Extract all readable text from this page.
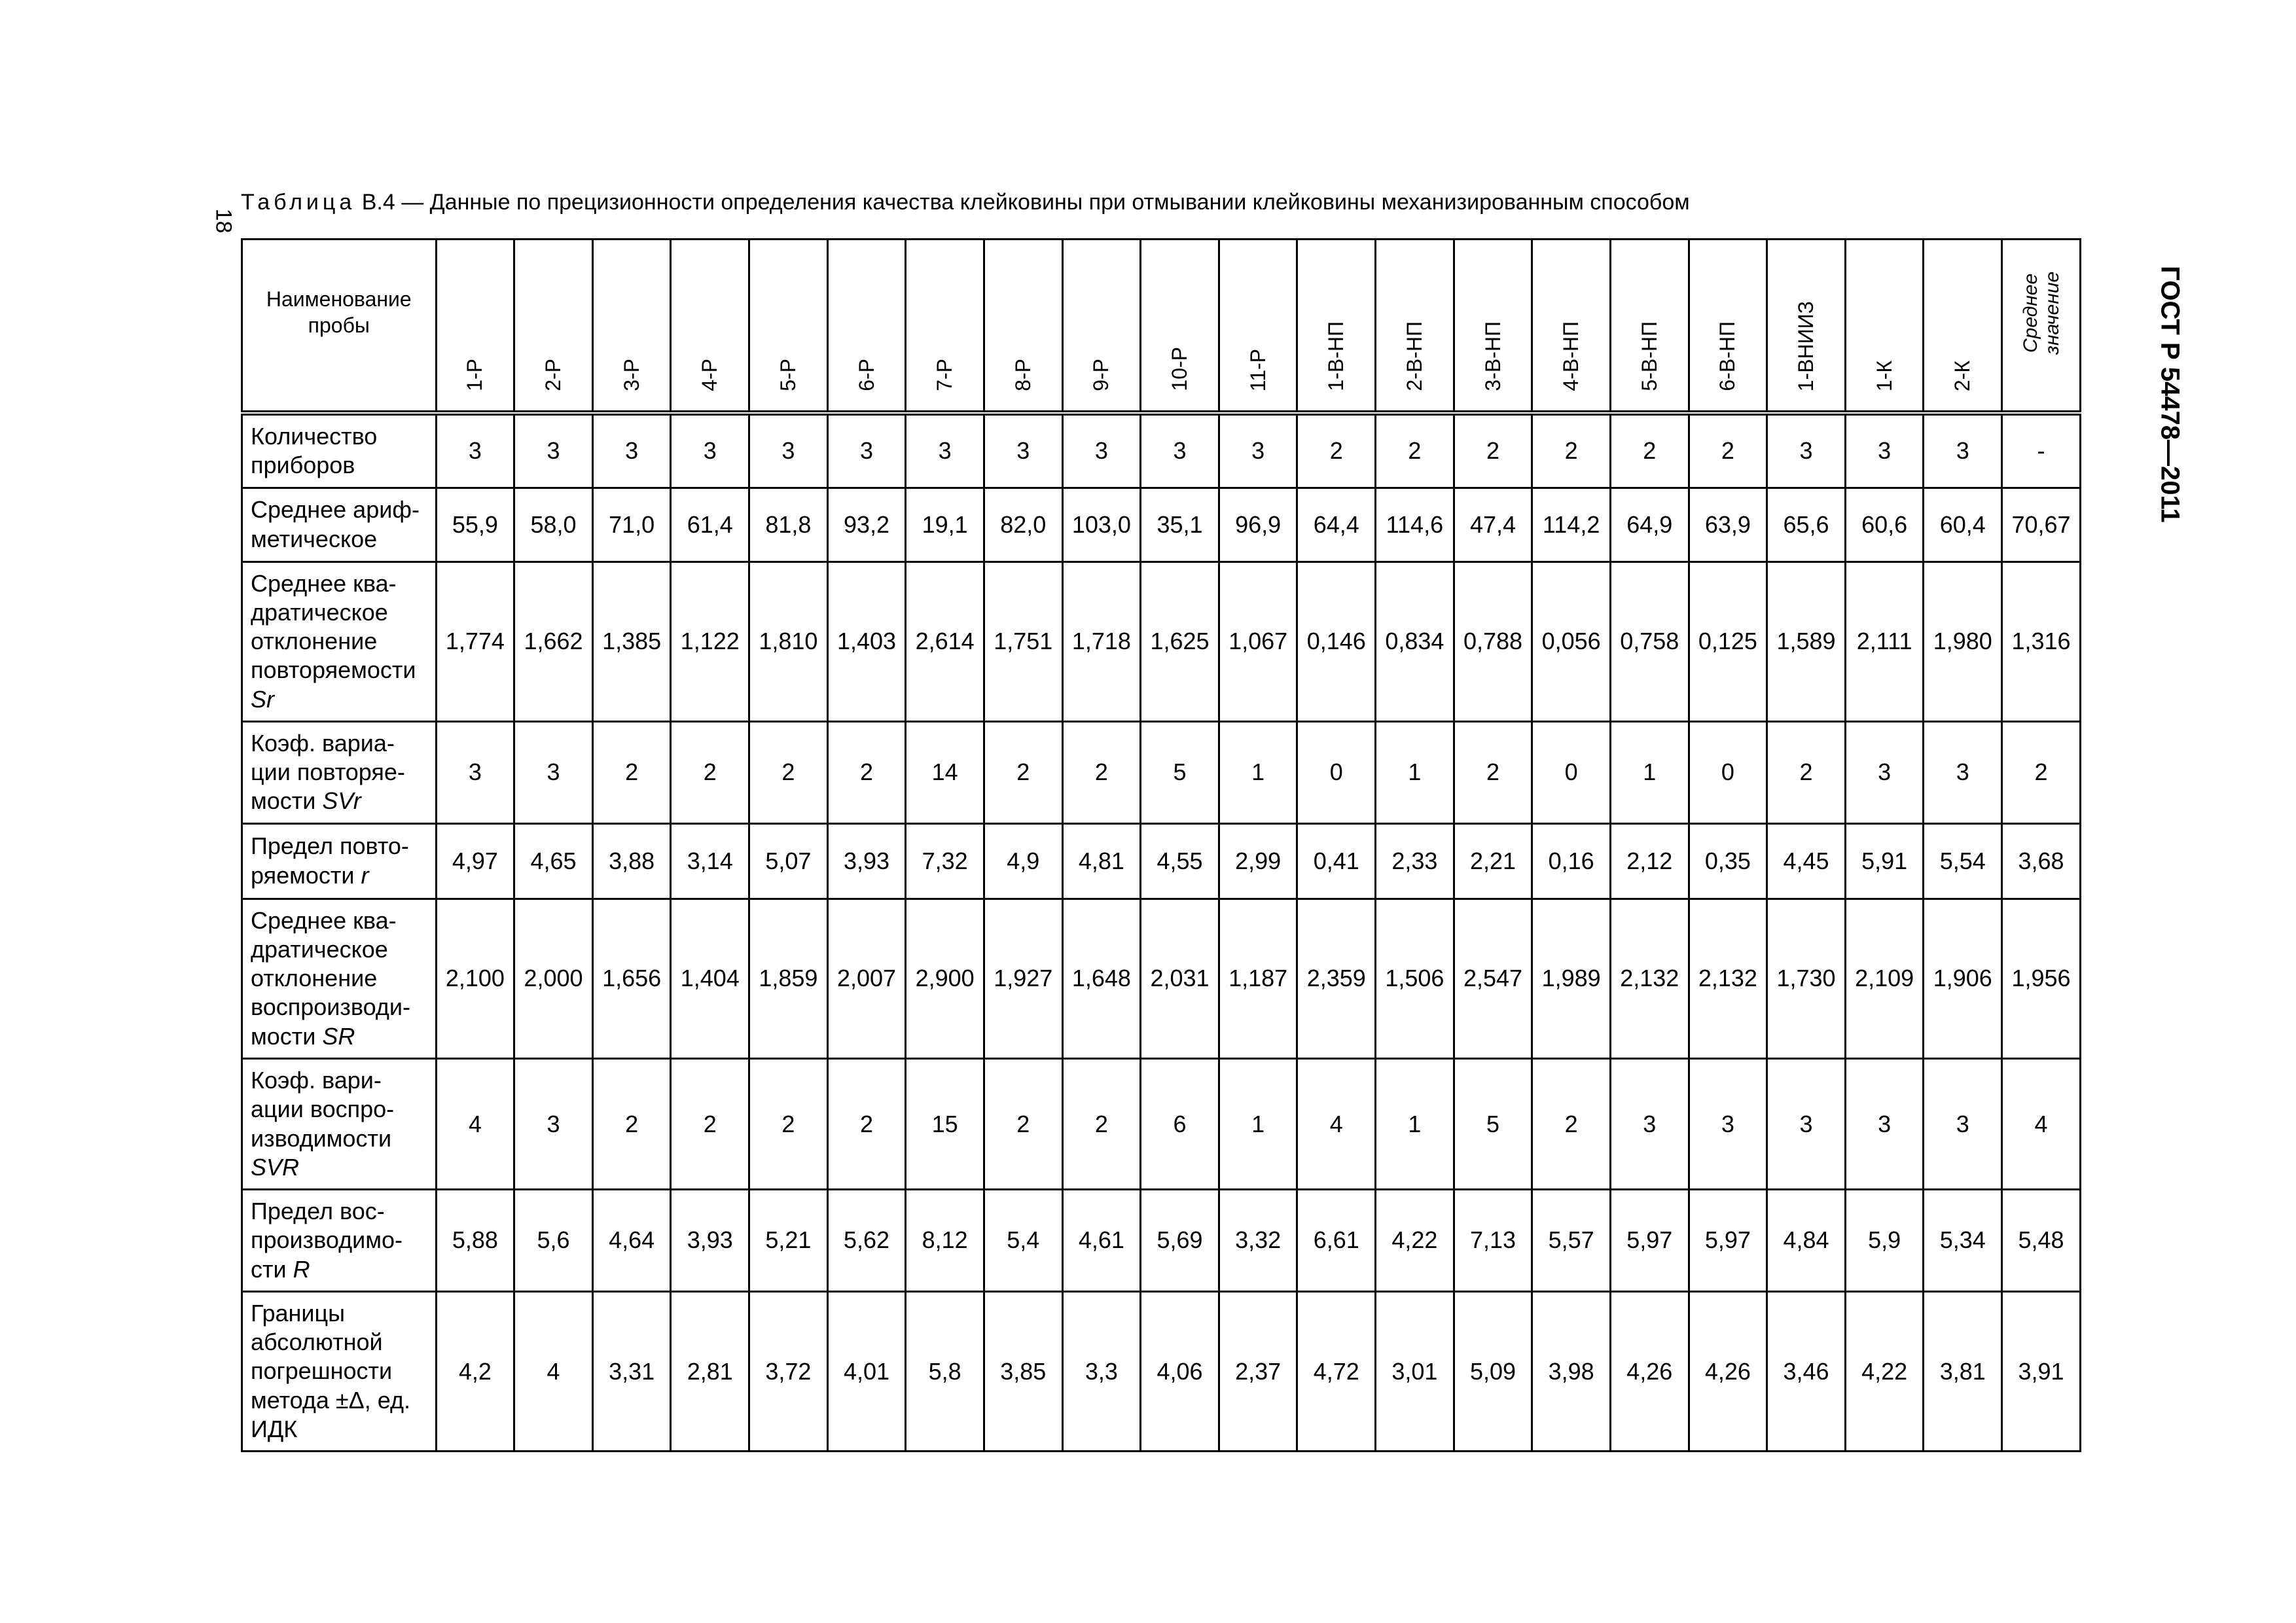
18
Таблица В.4 — Данные по прецизионности определения качества клейковины при отмывании клейковины механизированным способом
ГОСТ Р 54478—2011
Наименование пробы	1-Р	2-Р	3-Р	4-Р	5-Р	6-Р	7-Р	8-Р	9-Р	10-Р	11-Р	1-В-НП	2-В-НП	3-В-НП	4-В-НП	5-В-НП	6-В-НП	1-ВНИИЗ	1-К	2-К	Среднее значение
Количество приборов	3	3	3	3	3	3	3	3	3	3	3	2	2	2	2	2	2	3	3	3	-
Среднее ариф-метическое	55,9	58,0	71,0	61,4	81,8	93,2	19,1	82,0	103,0	35,1	96,9	64,4	114,6	47,4	114,2	64,9	63,9	65,6	60,6	60,4	70,67
Среднее ква-дратическое отклонение повторяемости Sr	1,774	1,662	1,385	1,122	1,810	1,403	2,614	1,751	1,718	1,625	1,067	0,146	0,834	0,788	0,056	0,758	0,125	1,589	2,111	1,980	1,316
Коэф. вариа-ции повторяе-мости SVr	3	3	2	2	2	2	14	2	2	5	1	0	1	2	0	1	0	2	3	3	2
Предел повто-ряемости r	4,97	4,65	3,88	3,14	5,07	3,93	7,32	4,9	4,81	4,55	2,99	0,41	2,33	2,21	0,16	2,12	0,35	4,45	5,91	5,54	3,68
Среднее ква-дратическое отклонение воспроизводи-мости SR	2,100	2,000	1,656	1,404	1,859	2,007	2,900	1,927	1,648	2,031	1,187	2,359	1,506	2,547	1,989	2,132	2,132	1,730	2,109	1,906	1,956
Коэф. вари-ации воспро-изводимости SVR	4	3	2	2	2	2	15	2	2	6	1	4	1	5	2	3	3	3	3	3	4
Предел вос-производимо-сти R	5,88	5,6	4,64	3,93	5,21	5,62	8,12	5,4	4,61	5,69	3,32	6,61	4,22	7,13	5,57	5,97	5,97	4,84	5,9	5,34	5,48
Границы абсолютной погрешности метода ±Δ, ед. ИДК	4,2	4	3,31	2,81	3,72	4,01	5,8	3,85	3,3	4,06	2,37	4,72	3,01	5,09	3,98	4,26	4,26	3,46	4,22	3,81	3,91
